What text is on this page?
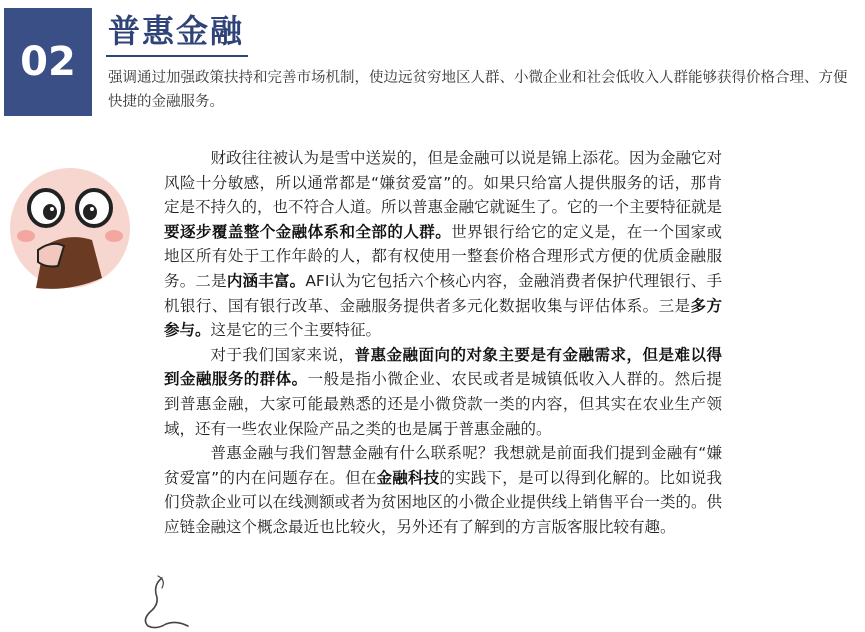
02
普惠金融
强调通过加强政策扶持和完善市场机制，使边远贫穷地区人群、小微企业和社会低收入人群能够获得价格合理、方便快捷的金融服务。

财政往往被认为是雪中送炭的，但是金融可以说是锦上添花。因为金融它对风险十分敏感，所以通常都是“嫌贫爱富”的。如果只给富人提供服务的话，那肯定是不持久的，也不符合人道。所以普惠金融它就诞生了。它的一个主要特征就是要逐步覆盖整个金融体系和全部的人群。世界银行给它的定义是，在一个国家或地区所有处于工作年龄的人，都有权使用一整套价格合理形式方便的优质金融服务。二是内涵丰富。AFI认为它包括六个核心内容，金融消费者保护代理银行、手机银行、国有银行改革、金融服务提供者多元化数据收集与评估体系。三是多方参与。这是它的三个主要特征。

对于我们国家来说，普惠金融面向的对象主要是有金融需求，但是难以得到金融服务的群体。一般是指小微企业、农民或者是城镇低收入人群的。然后提到普惠金融，大家可能最熟悉的还是小微贷款一类的内容，但其实在农业生产领域，还有一些农业保险产品之类的也是属于普惠金融的。

普惠金融与我们智慧金融有什么联系呢？我想就是前面我们提到金融有“嫌贫爱富”的内在问题存在。但在金融科技的实践下，是可以得到化解的。比如说我们贷款企业可以在线测额或者为贫困地区的小微企业提供线上销售平台一类的。供应链金融这个概念最近也比较火，另外还有了解到的方言版客服比较有趣。
